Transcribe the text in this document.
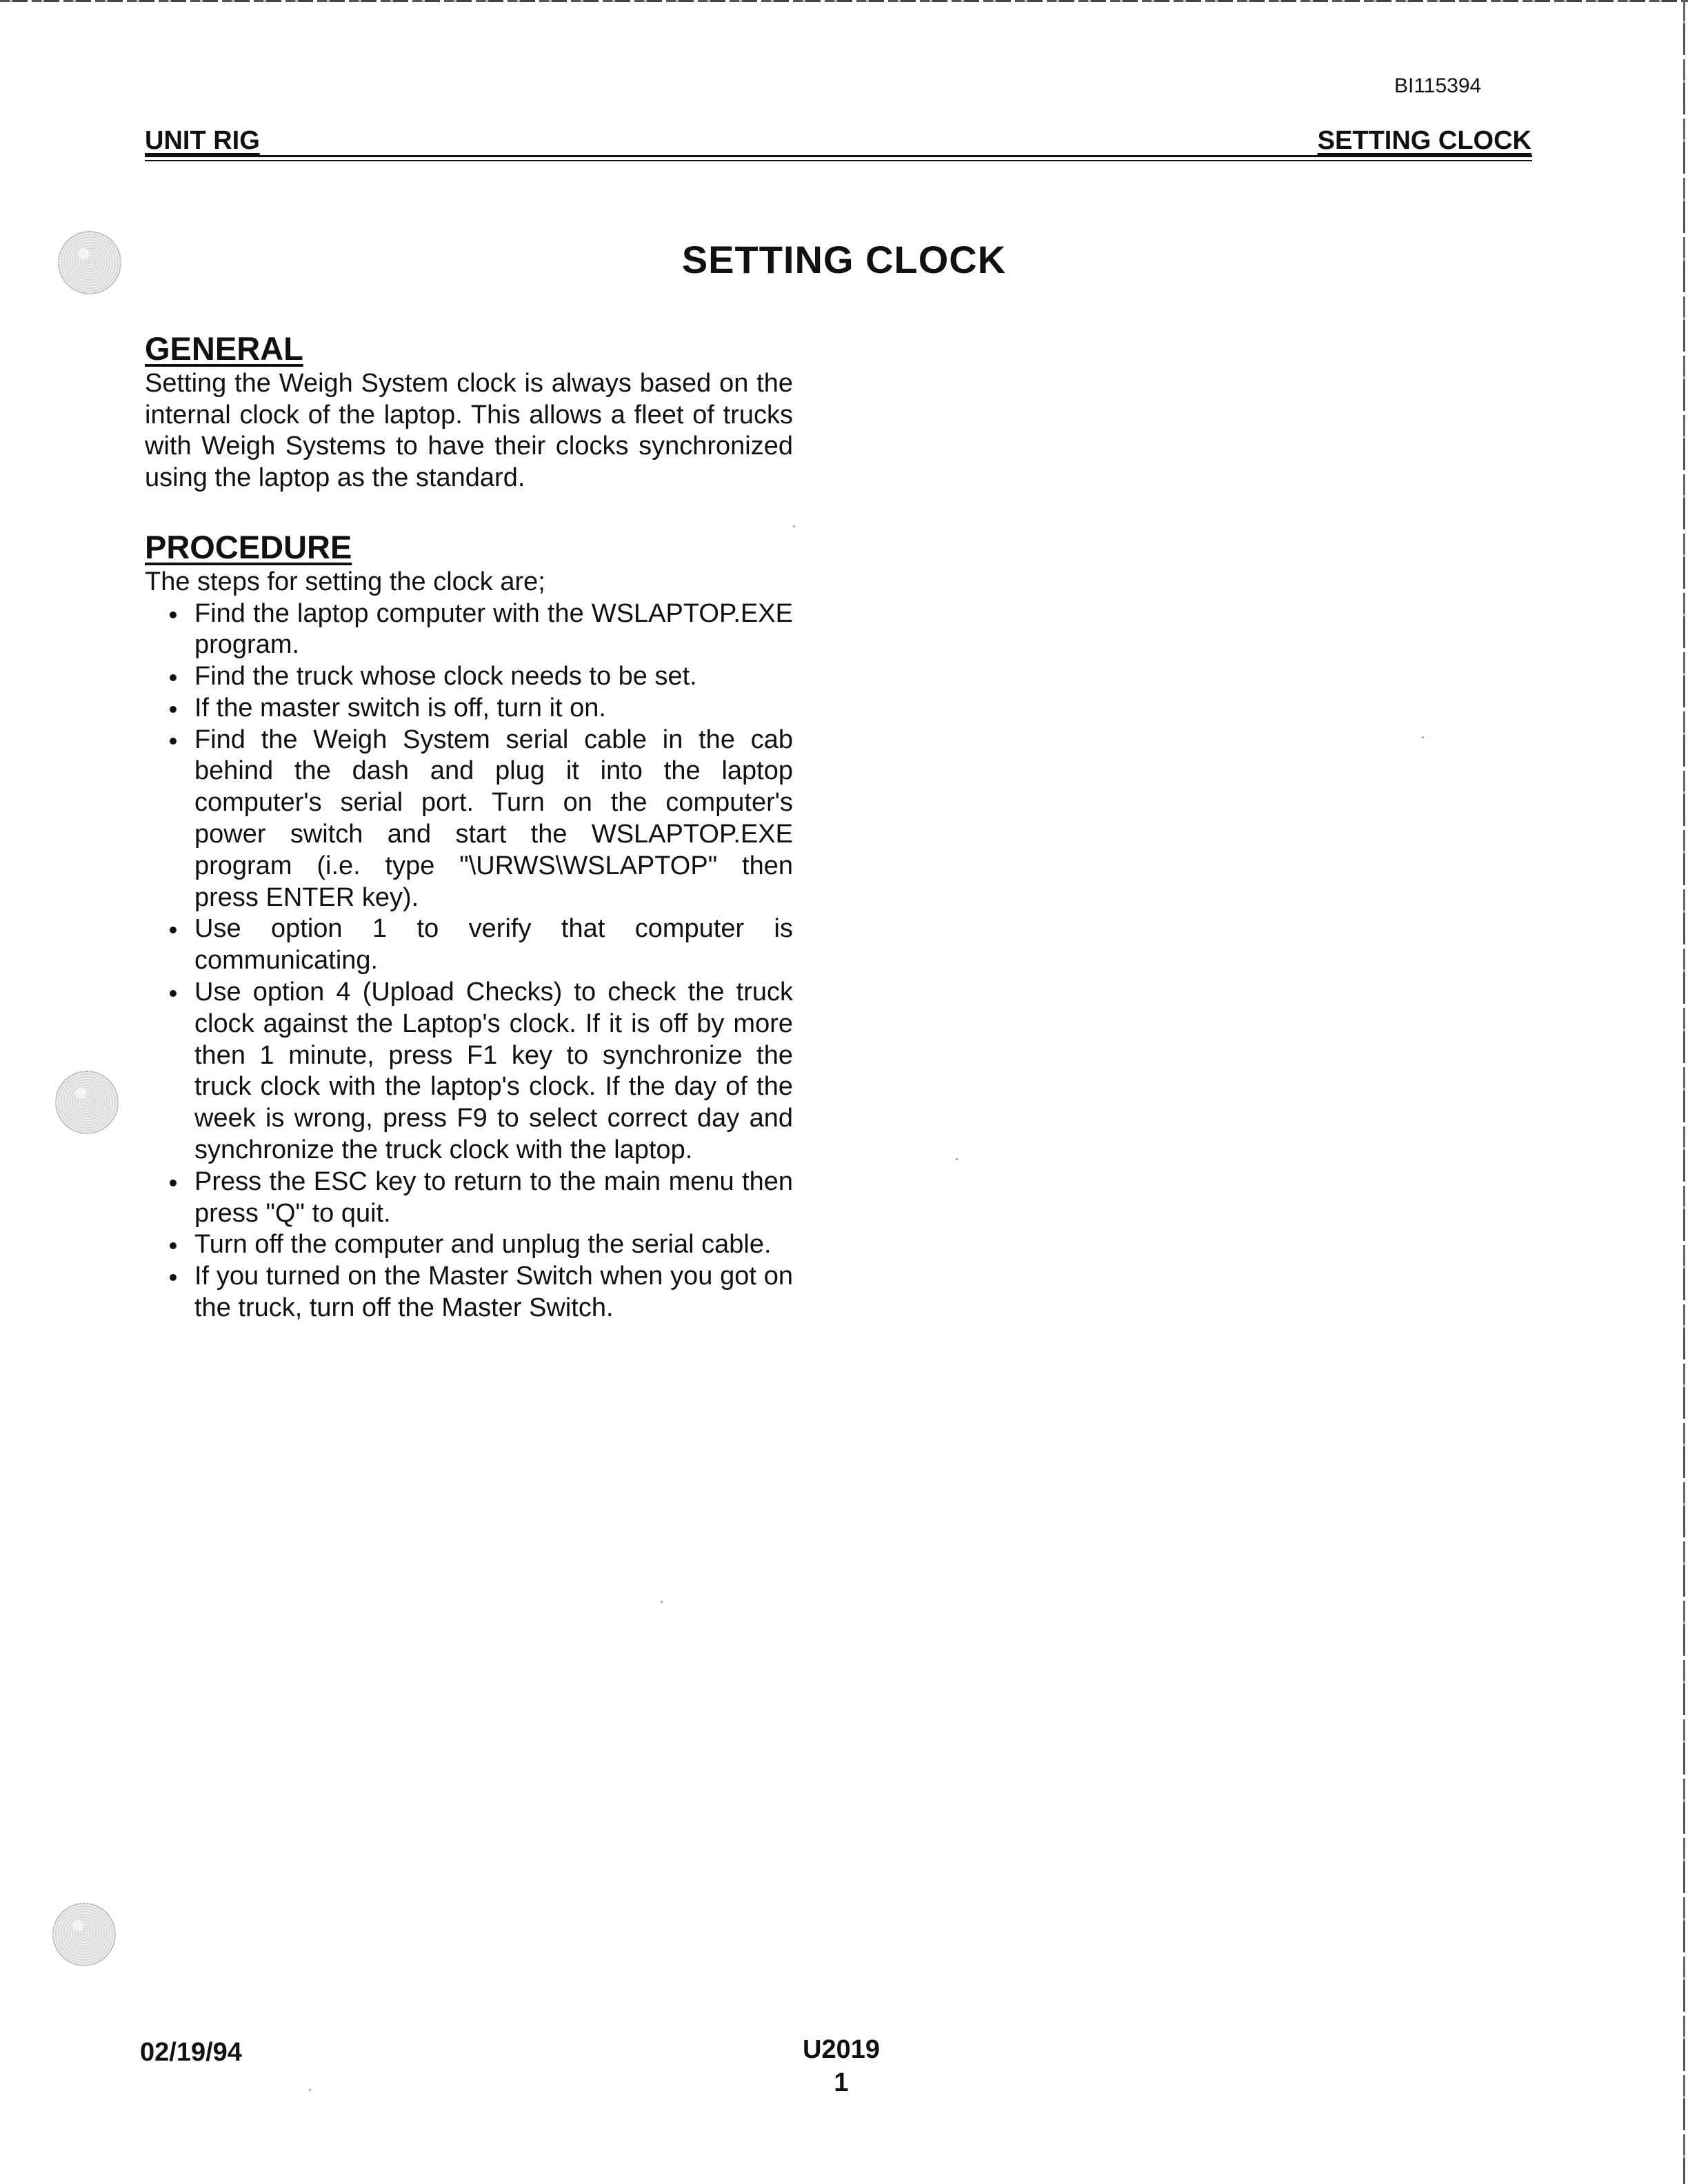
BI115394
UNIT RIG	SETTING CLOCK
SETTING CLOCK
GENERAL

Setting the Weigh System clock is always based on the internal clock of the laptop. This allows a fleet of trucks with Weigh Systems to have their clocks synchronized using the laptop as the standard.

PROCEDURE

The steps for setting the clock are;

Find the laptop computer with the WSLAPTOP.EXE program.
Find the truck whose clock needs to be set.
If the master switch is off, turn it on.
Find the Weigh System serial cable in the cab behind the dash and plug it into the laptop computer's serial port. Turn on the computer's power switch and start the WSLAPTOP.EXE program (i.e. type "\URWS\WSLAPTOP" then press ENTER key).
Use option 1 to verify that computer is communicating.
Use option 4 (Upload Checks) to check the truck clock against the Laptop's clock. If it is off by more then 1 minute, press F1 key to synchronize the truck clock with the laptop's clock. If the day of the week is wrong, press F9 to select correct day and synchronize the truck clock with the laptop.
Press the ESC key to return to the main menu then press "Q" to quit.
Turn off the computer and unplug the serial cable.
If you turned on the Master Switch when you got on the truck, turn off the Master Switch.
02/19/94	U2019
1
